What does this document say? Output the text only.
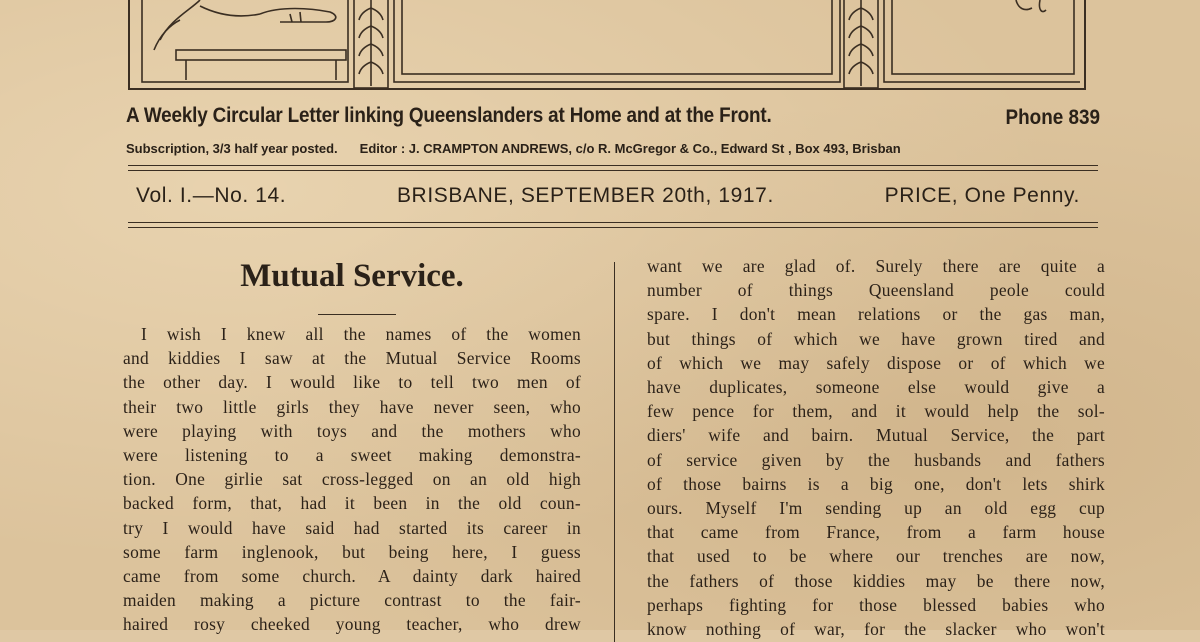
A Weekly Circular Letter linking Queenslanders at Home and at the Front.	Phone 839
Subscription, 3/3 half year posted. Editor : J. CRAMPTON ANDREWS, c/o R. McGregor & Co., Edward St , Box 493, Brisban
Vol. I.—No. 14.	BRISBANE, SEPTEMBER 20th, 1917.	PRICE, One Penny.
Mutual Service.
I wish I knew all the names of the women
and kiddies I saw at the Mutual Service Rooms
the other day. I would like to tell two men of
their two little girls they have never seen, who
were playing with toys and the mothers who
were listening to a sweet making demonstra-
tion. One girlie sat cross-legged on an old high
backed form, that, had it been in the old coun-
try I would have said had started its career in
some farm inglenook, but being here, I guess
came from some church. A dainty dark haired
maiden making a picture contrast to the fair-
haired rosy cheeked young teacher, who drew
want we are glad of. Surely there are quite a
number of things Queensland peole could
spare. I don't mean relations or the gas man,
but things of which we have grown tired and
of which we may safely dispose or of which we
have duplicates, someone else would give a
few pence for them, and it would help the sol-
diers' wife and bairn. Mutual Service, the part
of service given by the husbands and fathers
of those bairns is a big one, don't lets shirk
ours. Myself I'm sending up an old egg cup
that came from France, from a farm house
that used to be where our trenches are now,
the fathers of those kiddies may be there now,
perhaps fighting for those blessed babies who
know nothing of war, for the slacker who won't
